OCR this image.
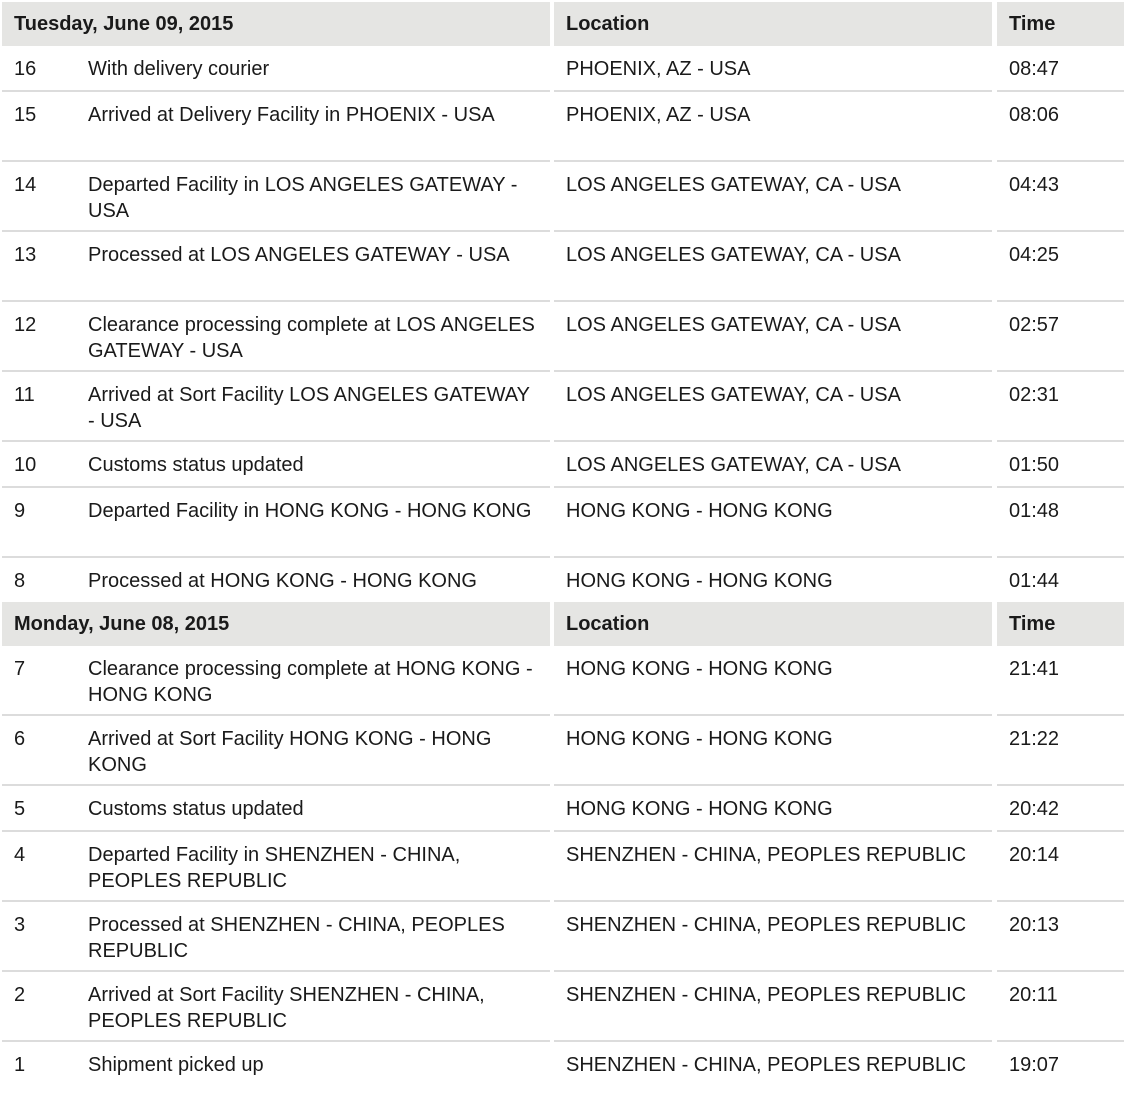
Tuesday, June 09, 2015			Location		Time
16	With delivery courier		PHOENIX, AZ - USA		08:47
15	Arrived at Delivery Facility in PHOENIX - USA		PHOENIX, AZ - USA		08:06
14	Departed Facility in LOS ANGELES GATEWAY - USA		LOS ANGELES GATEWAY, CA - USA		04:43
13	Processed at LOS ANGELES GATEWAY - USA		LOS ANGELES GATEWAY, CA - USA		04:25
12	Clearance processing complete at LOS ANGELES GATEWAY - USA		LOS ANGELES GATEWAY, CA - USA		02:57
11	Arrived at Sort Facility LOS ANGELES GATEWAY - USA		LOS ANGELES GATEWAY, CA - USA		02:31
10	Customs status updated		LOS ANGELES GATEWAY, CA - USA		01:50
9	Departed Facility in HONG KONG - HONG KONG		HONG KONG - HONG KONG		01:48
8	Processed at HONG KONG - HONG KONG		HONG KONG - HONG KONG		01:44
Monday, June 08, 2015			Location		Time
7	Clearance processing complete at HONG KONG - HONG KONG		HONG KONG - HONG KONG		21:41
6	Arrived at Sort Facility HONG KONG - HONG KONG		HONG KONG - HONG KONG		21:22
5	Customs status updated		HONG KONG - HONG KONG		20:42
4	Departed Facility in SHENZHEN - CHINA, PEOPLES REPUBLIC		SHENZHEN - CHINA, PEOPLES REPUBLIC		20:14
3	Processed at SHENZHEN - CHINA, PEOPLES REPUBLIC		SHENZHEN - CHINA, PEOPLES REPUBLIC		20:13
2	Arrived at Sort Facility SHENZHEN - CHINA, PEOPLES REPUBLIC		SHENZHEN - CHINA, PEOPLES REPUBLIC		20:11
1	Shipment picked up		SHENZHEN - CHINA, PEOPLES REPUBLIC		19:07
